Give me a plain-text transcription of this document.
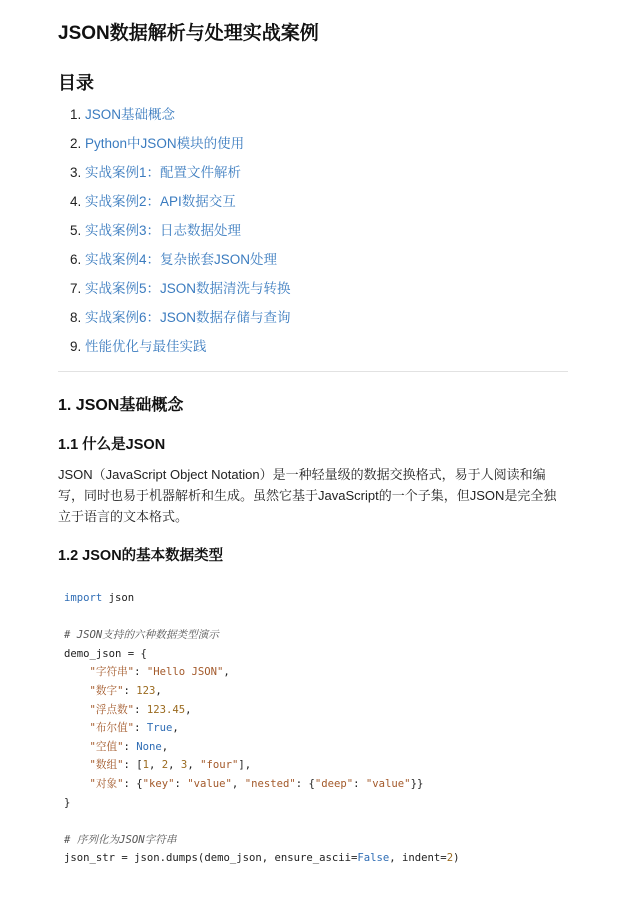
JSON数据解析与处理实战案例
目录
1. JSON基础概念
2. Python中JSON模块的使用
3. 实战案例1：配置文件解析
4. 实战案例2：API数据交互
5. 实战案例3：日志数据处理
6. 实战案例4：复杂嵌套JSON处理
7. 实战案例5：JSON数据清洗与转换
8. 实战案例6：JSON数据存储与查询
9. 性能优化与最佳实践
1. JSON基础概念
1.1 什么是JSON

JSON（JavaScript Object Notation）是一种轻量级的数据交换格式，易于人阅读和编写，同时也易于机器解析和生成。虽然它基于JavaScript的一个子集，但JSON是完全独立于语言的文本格式。

1.2 JSON的基本数据类型
import json

# JSON支持的六种数据类型演示
demo_json = {
"字符串": "Hello JSON",
"数字": 123,
"浮点数": 123.45,
"布尔值": True,
"空值": None,
"数组": [1, 2, 3, "four"],
"对象": {"key": "value", "nested": {"deep": "value"}}
}

# 序列化为JSON字符串
json_str = json.dumps(demo_json, ensure_ascii=False, indent=2)
